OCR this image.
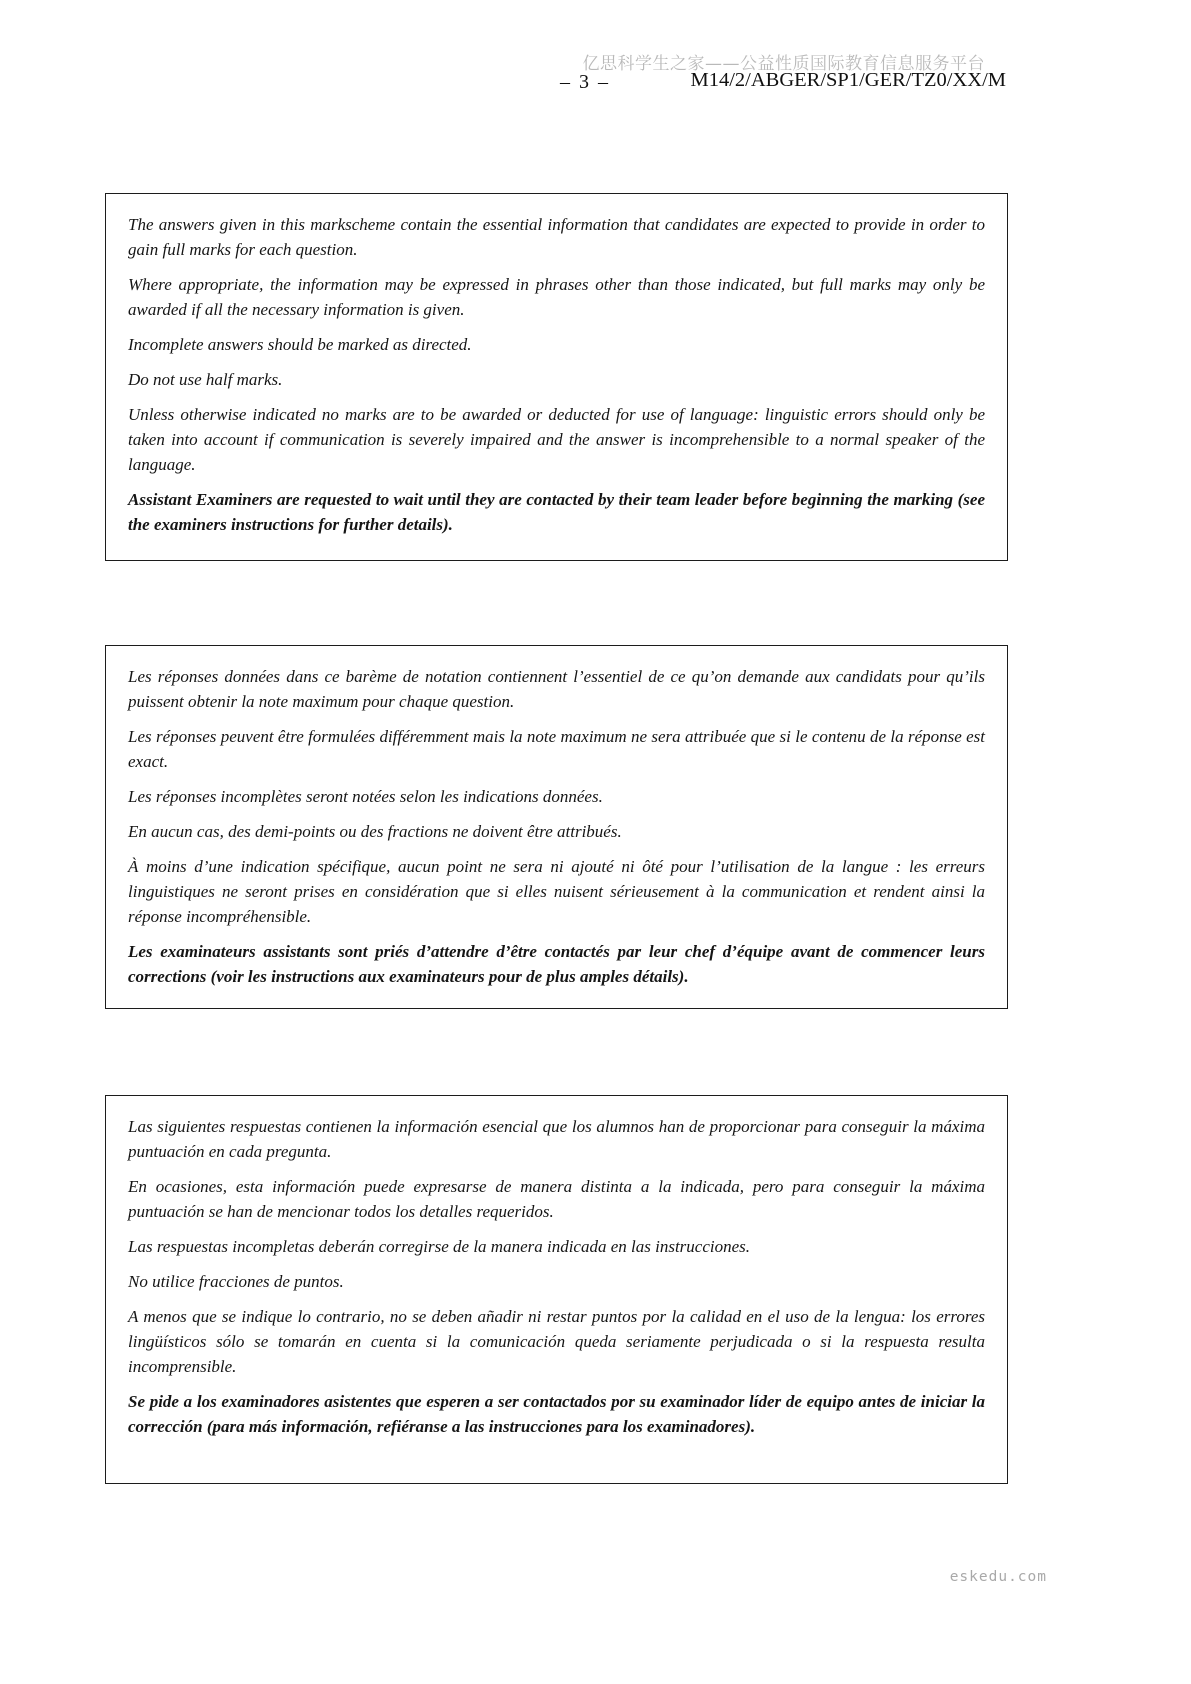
亿思科学生之家——公益性质国际教育信息服务平台
– 3 –	M14/2/ABGER/SP1/GER/TZ0/XX/M

The answers given in this markscheme contain the essential information that candidates are expected to provide in order to gain full marks for each question.

Where appropriate, the information may be expressed in phrases other than those indicated, but full marks may only be awarded if all the necessary information is given.

Incomplete answers should be marked as directed.

Do not use half marks.

Unless otherwise indicated no marks are to be awarded or deducted for use of language: linguistic errors should only be taken into account if communication is severely impaired and the answer is incomprehensible to a normal speaker of the language.

Assistant Examiners are requested to wait until they are contacted by their team leader before beginning the marking (see the examiners instructions for further details).

Les réponses données dans ce barème de notation contiennent l’essentiel de ce qu’on demande aux candidats pour qu’ils puissent obtenir la note maximum pour chaque question.

Les réponses peuvent être formulées différemment mais la note maximum ne sera attribuée que si le contenu de la réponse est exact.

Les réponses incomplètes seront notées selon les indications données.

En aucun cas, des demi-points ou des fractions ne doivent être attribués.

À moins d’une indication spécifique, aucun point ne sera ni ajouté ni ôté pour l’utilisation de la langue : les erreurs linguistiques ne seront prises en considération que si elles nuisent sérieusement à la communication et rendent ainsi la réponse incompréhensible.

Les examinateurs assistants sont priés d’attendre d’être contactés par leur chef d’équipe avant de commencer leurs corrections (voir les instructions aux examinateurs pour de plus amples détails).

Las siguientes respuestas contienen la información esencial que los alumnos han de proporcionar para conseguir la máxima puntuación en cada pregunta.

En ocasiones, esta información puede expresarse de manera distinta a la indicada, pero para conseguir la máxima puntuación se han de mencionar todos los detalles requeridos.

Las respuestas incompletas deberán corregirse de la manera indicada en las instrucciones.

No utilice fracciones de puntos.

A menos que se indique lo contrario, no se deben añadir ni restar puntos por la calidad en el uso de la lengua: los errores lingüísticos sólo se tomarán en cuenta si la comunicación queda seriamente perjudicada o si la respuesta resulta incomprensible.

Se pide a los examinadores asistentes que esperen a ser contactados por su examinador líder de equipo antes de iniciar la corrección (para más información, refiéranse a las instrucciones para los examinadores).

eskedu.com
